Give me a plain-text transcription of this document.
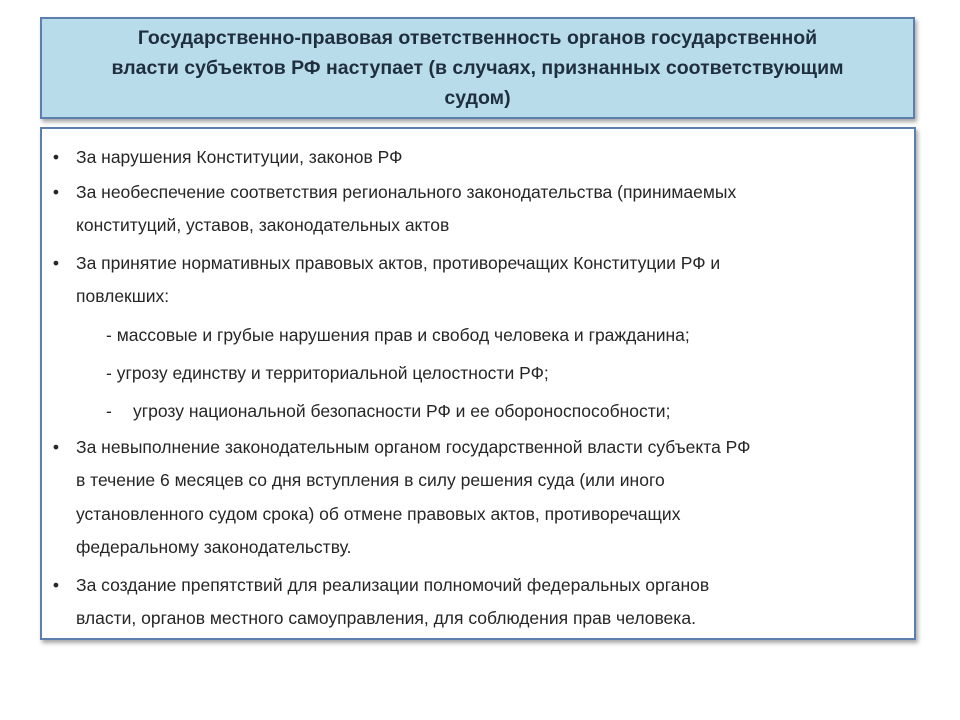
Государственно-правовая ответственность органов государственной
власти субъектов РФ наступает (в случаях, признанных соответствующим
судом)
• За нарушения Конституции, законов РФ
• За необеспечение соответствия регионального законодательства (принимаемых
конституций, уставов, законодательных актов
• За принятие нормативных правовых актов, противоречащих Конституции РФ и
повлекших:
- массовые и грубые нарушения прав и свобод человека и гражданина;
- угрозу единству и территориальной целостности РФ;
- угрозу национальной безопасности РФ и ее обороноспособности;
• За невыполнение законодательным органом государственной власти субъекта РФ
в течение 6 месяцев со дня вступления в силу решения суда (или иного
установленного судом срока) об отмене правовых актов, противоречащих
федеральному законодательству.
• За создание препятствий для реализации полномочий федеральных органов
власти, органов местного самоуправления, для соблюдения прав человека.
